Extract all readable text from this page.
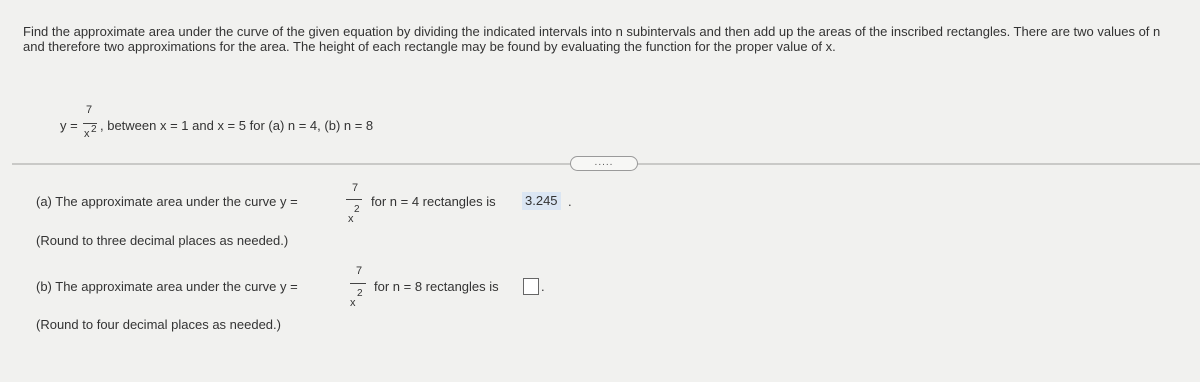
Find the approximate area under the curve of the given equation by dividing the indicated intervals into n subintervals and then add up the areas of the inscribed rectangles. There are two values of n and therefore two approximations for the area. The height of each rectangle may be found by evaluating the function for the proper value of x.
y =
7
x 2 , between x = 1 and x = 5 for (a) n = 4, (b) n = 8
.....
(a) The approximate area under the curve y =
7
x
2
for n = 4 rectangles is 3.245 .
(Round to three decimal places as needed.)
(b) The approximate area under the curve y =
7
x
2 for n = 8 rectangles is	.
(Round to four decimal places as needed.)
